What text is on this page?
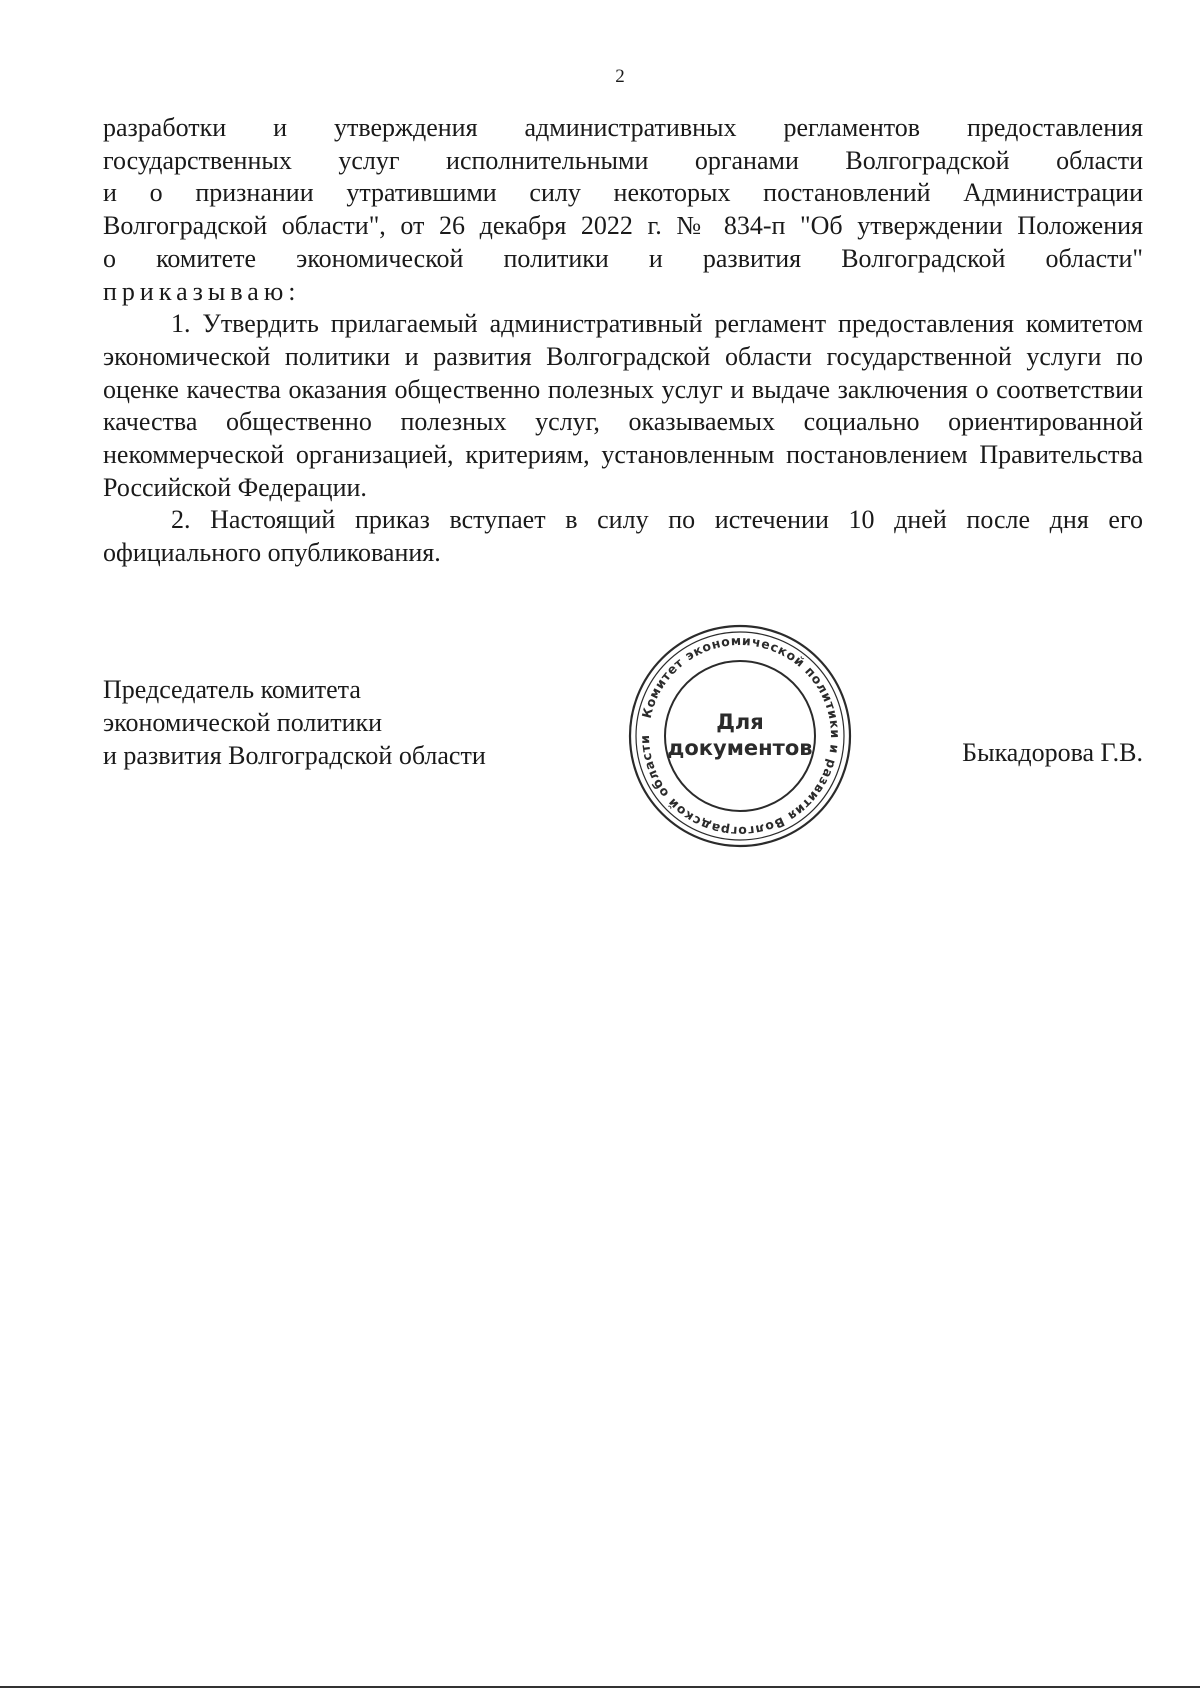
2

разработки и утверждения административных регламентов предоставления

государственных услуг исполнительными органами Волгоградской области

и о признании утратившими силу некоторых постановлений Администрации

Волгоградской области", от 26 декабря 2022 г. № 834-п "Об утверждении Положения

о комитете экономической политики и развития Волгоградской области"

приказываю:

1. Утвердить прилагаемый административный регламент предоставления комитетом экономической политики и развития Волгоградской области государственной услуги по оценке качества оказания общественно полезных услуг и выдаче заключения о соответствии качества общественно полезных услуг, оказываемых социально ориентированной некоммерческой организацией, критериям, установленным постановлением Правительства Российской Федерации.

2. Настоящий приказ вступает в силу по истечении 10 дней после дня его официального опубликования.

Председатель комитета
экономической политики
и развития Волгоградской области
Комитет экономической политики и развития Волгоградской области
Для
документов	Быкадорова Г.В.
